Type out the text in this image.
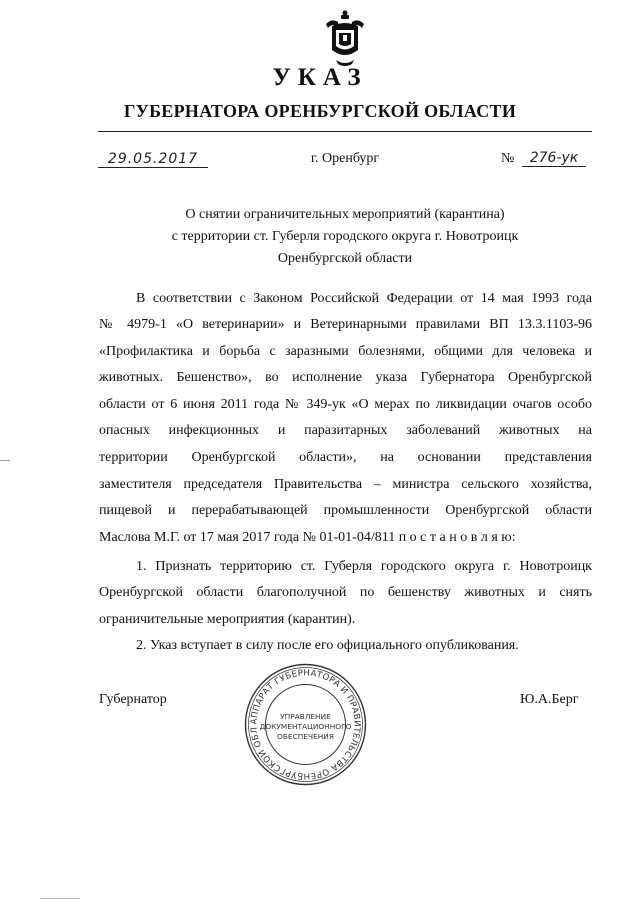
УКАЗ
ГУБЕРНАТОРА ОРЕНБУРГСКОЙ ОБЛАСТИ
29.05.2017	г. Оренбург	№	276-ук
О снятии ограничительных мероприятий (карантина)
с территории ст. Губерля городского округа г. Новотроицк
Оренбургской области
В соответствии с Законом Российской Федерации от 14 мая 1993 года
№ 4979-1 «О ветеринарии» и Ветеринарными правилами ВП 13.3.1103-96
«Профилактика и борьба с заразными болезнями, общими для человека и
животных. Бешенство», во исполнение указа Губернатора Оренбургской
области от 6 июня 2011 года № 349-ук «О мерах по ликвидации очагов особо
опасных инфекционных и паразитарных заболеваний животных на
территории Оренбургской области», на основании представления
заместителя председателя Правительства – министра сельского хозяйства,
пищевой и перерабатывающей промышленности Оренбургской области
Маслова М.Г. от 17 мая 2017 года № 01-01-04/811 п о с т а н о в л я ю:
1. Признать территорию ст. Губерля городского округа г. Новотроицк
Оренбургской области благополучной по бешенству животных и снять
ограничительные мероприятия (карантин).
2. Указ вступает в силу после его официального опубликования.
Губернатор	Ю.А.Берг
АППАРАТ ГУБЕРНАТОРА И ПРАВИТЕЛЬСТВА ОРЕНБУРГСКОЙ ОБЛ
УПРАВЛЕНИЕ
ДОКУМЕНТАЦИОННОГО
ОБЕСПЕЧЕНИЯ
